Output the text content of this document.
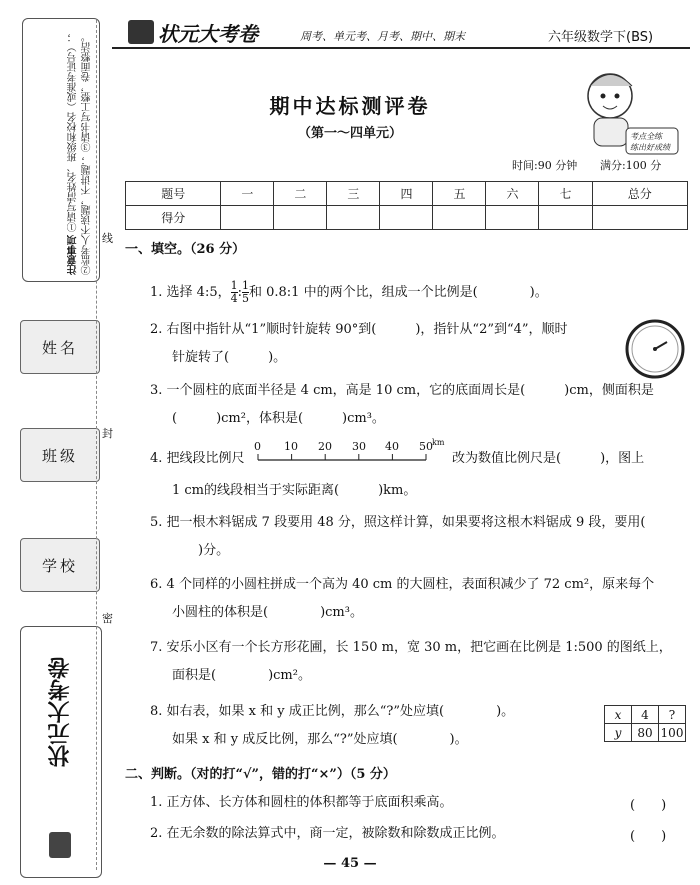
注意事项 ①请写清姓名、班级和校名（或准考证号）； ②监考人不读题，不讲题； ③请书写工整，卷面整洁。
姓名
班级
学校
状元大考卷
线
封
密
状元大考卷	周考、单元考、月考、期中、期末	六年级数学下(BS)
考点全练
练出好成绩
期中达标测评卷
（第一～四单元）
时间:90 分钟 满分:100 分
题号	一	二	三	四	五	六	七	总分
得分								
一、填空。（26 分）
1. 选择 4:5， $\frac{1}{4}$ : $\frac{1}{5}$ 和 0.8:1 中的两个比，组成一个比例是(　　　　)。
2. 右图中指针从“1”顺时针旋转 90°到(　　　)，指针从“2”到“4”，顺时
针旋转了(　　　)。
3. 一个圆柱的底面半径是 4 cm，高是 10 cm，它的底面周长是(　　　)cm，侧面积是
(　　　)cm²，体积是(　　　)cm³。
4. 把线段比例尺
0 10 20 30 40 50 km
改为数值比例尺是(　　　)，图上
1 cm的线段相当于实际距离(　　　)km。
5. 把一根木料锯成 7 段要用 48 分，照这样计算，如果要将这根木料锯成 9 段，要用(
　　)分。
6. 4 个同样的小圆柱拼成一个高为 40 cm 的大圆柱，表面积减少了 72 cm²，原来每个
小圆柱的体积是(　　　　)cm³。
7. 安乐小区有一个长方形花圃，长 150 m，宽 30 m，把它画在比例是 1:500 的图纸上，
面积是(　　　　)cm²。
8. 如右表，如果 x 和 y 成正比例，那么“?”处应填(　　　　)。
如果 x 和 y 成反比例，那么“?”处应填(　　　　)。
x	4	?
y	80	100
二、判断。（对的打“√”，错的打“×”）（5 分）
1. 正方体、长方体和圆柱的体积都等于底面积乘高。	(　　)
2. 在无余数的除法算式中，商一定，被除数和除数成正比例。	(　　)
— 45 —
